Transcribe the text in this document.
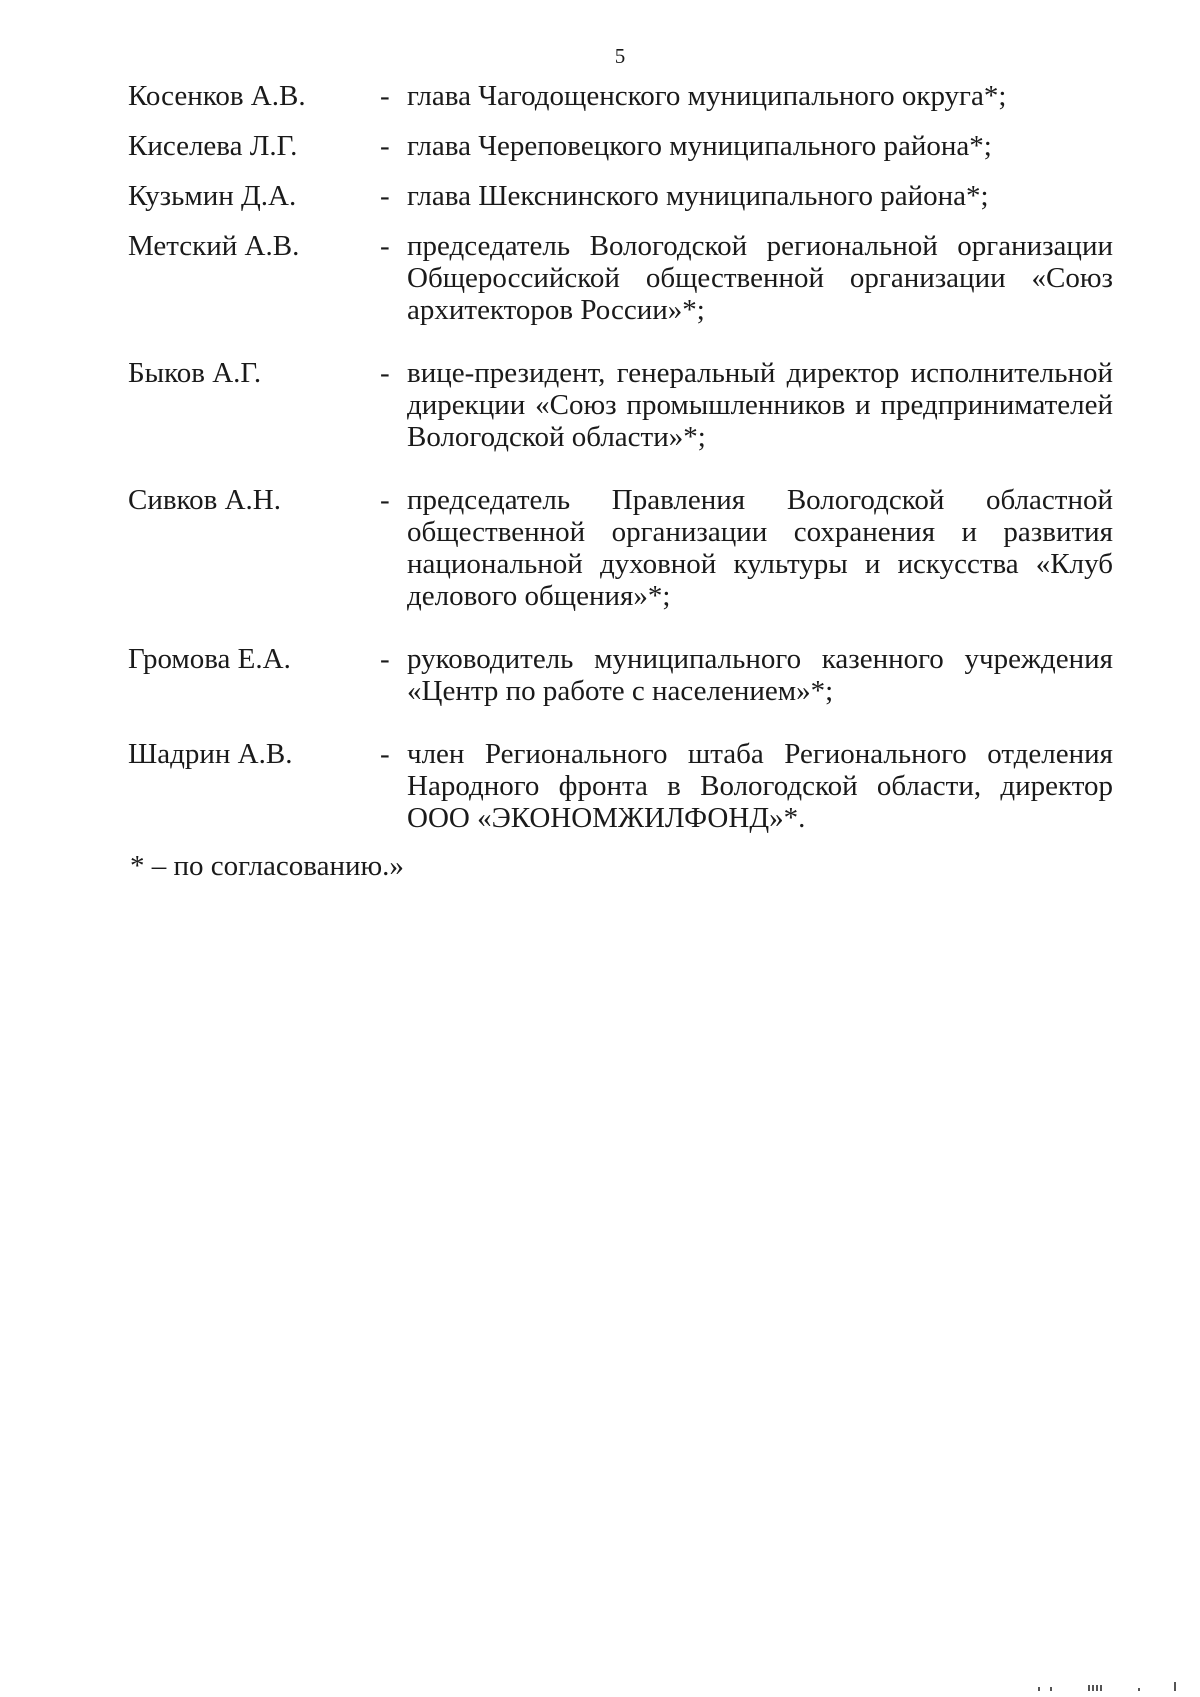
5
Косенков А.В.	- глава Чагодощенского муниципального округа*;
Киселева Л.Г.	- глава Череповецкого муниципального района*;
Кузьмин Д.А.	- глава Шекснинского муниципального района*;
Метский А.В.	- председатель Вологодской региональной организации Общероссийской общественной организации «Союз архитекторов России»*;
Быков А.Г.	- вице-президент, генеральный директор исполнительной дирекции «Союз промышленников и предпринимателей Вологодской области»*;
Сивков А.Н.	- председатель Правления Вологодской областной общественной организации сохранения и развития национальной духовной культуры и искусства «Клуб делового общения»*;
Громова Е.А.	- руководитель муниципального казенного учреждения «Центр по работе с населением»*;
Шадрин А.В.	- член Регионального штаба Регионального отделения Народного фронта в Вологодской области, директор ООО «ЭКОНОМЖИЛФОНД»*.
* – по согласованию.»
